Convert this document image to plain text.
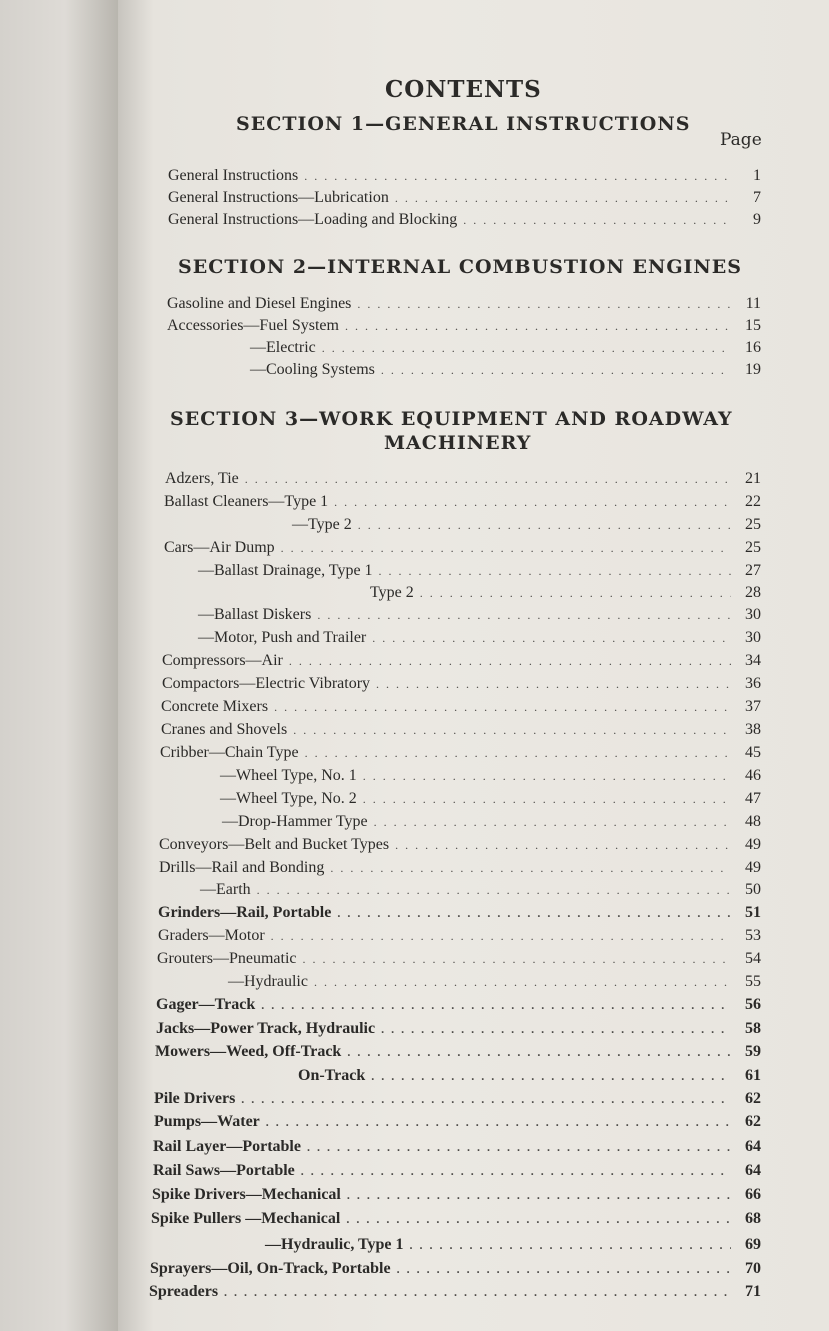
CONTENTS
Page
SECTION 1—GENERAL INSTRUCTIONS
SECTION 2—INTERNAL COMBUSTION ENGINES
SECTION 3—WORK EQUIPMENT AND ROADWAY
MACHINERY
General Instructions . . .	1
General Instructions—Lubrication . . .	7
General Instructions—Loading and Blocking . . .	9
Gasoline and Diesel Engines . . .	11
Accessories—Fuel System . . .	15
—Electric . . .	16
—Cooling Systems . . .	19
Adzers, Tie . . .	21
Ballast Cleaners—Type 1 . . .	22
—Type 2 . . .	25
Cars—Air Dump . . .	25
—Ballast Drainage, Type 1 . . .	27
Type 2 . . .	28
—Ballast Diskers . . .	30
—Motor, Push and Trailer . . .	30
Compressors—Air . . .	34
Compactors—Electric Vibratory . . .	36
Concrete Mixers . . .	37
Cranes and Shovels . . .	38
Cribber—Chain Type . . .	45
—Wheel Type, No. 1 . . .	46
—Wheel Type, No. 2 . . .	47
—Drop-Hammer Type . . .	48
Conveyors—Belt and Bucket Types . . .	49
Drills—Rail and Bonding . . .	49
—Earth . . .	50
Grinders—Rail, Portable . . .	51
Graders—Motor . . .	53
Grouters—Pneumatic . . .	54
—Hydraulic . . .	55
Gager—Track . . .	56
Jacks—Power Track, Hydraulic . . .	58
Mowers—Weed, Off-Track . . .	59
On-Track . . .	61
Pile Drivers . . .	62
Pumps—Water . . .	62
Rail Layer—Portable . . .	64
Rail Saws—Portable . . .	64
Spike Drivers—Mechanical . . .	66
Spike Pullers —Mechanical . . .	68
—Hydraulic, Type 1 . . .	69
Sprayers—Oil, On-Track, Portable . . .	70
Spreaders . . .	71
